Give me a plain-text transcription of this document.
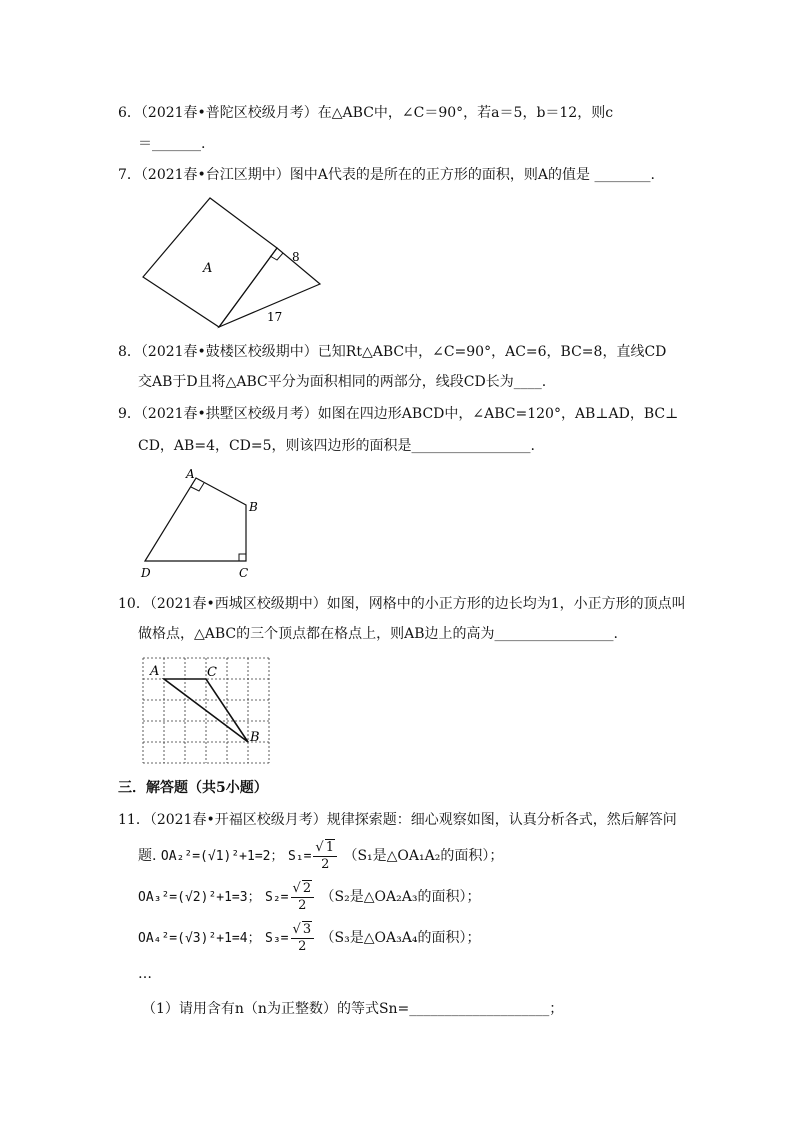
6．（2021春•普陀区校级月考）在△ABC中，∠C＝90°，若a＝5，b＝12，则c
＝_______.
7．（2021春•台江区期中）图中A代表的是所在的正方形的面积，则A的值是 ________.
A
8
17
8．（2021春•鼓楼区校级期中）已知Rt△ABC中，∠C=90°，AC=6，BC=8，直线CD
交AB于D且将△ABC平分为面积相同的两部分，线段CD长为____.
9．（2021春•拱墅区校级月考）如图在四边形ABCD中，∠ABC=120°，AB⊥AD，BC⊥
CD，AB=4，CD=5，则该四边形的面积是_________________.
A
B
C
D
10．（2021春•西城区校级期中）如图，网格中的小正方形的边长均为1，小正方形的顶点叫
做格点，△ABC的三个顶点都在格点上，则AB边上的高为_________________.
A	C
B
三．解答题（共5小题）
11．（2021春•开福区校级月考）规律探索题：细心观察如图，认真分析各式，然后解答问
题. OA₂²=(√1)²+1=2； $S_1= \frac{√ 1}{2} (S_1$是△OA₁A₂的面积）；
OA₃²=(√2)²+1=3； $S_2= \frac{√ 2}{2} (S_2$是△OA₂A₃的面积）；
OA₄²=(√3)²+1=4； $S_3= \frac{√ 3}{2} (S_3$是△OA₃A₄的面积）；
…
（1）请用含有n（n为正整数）的等式Sn=____________________；
